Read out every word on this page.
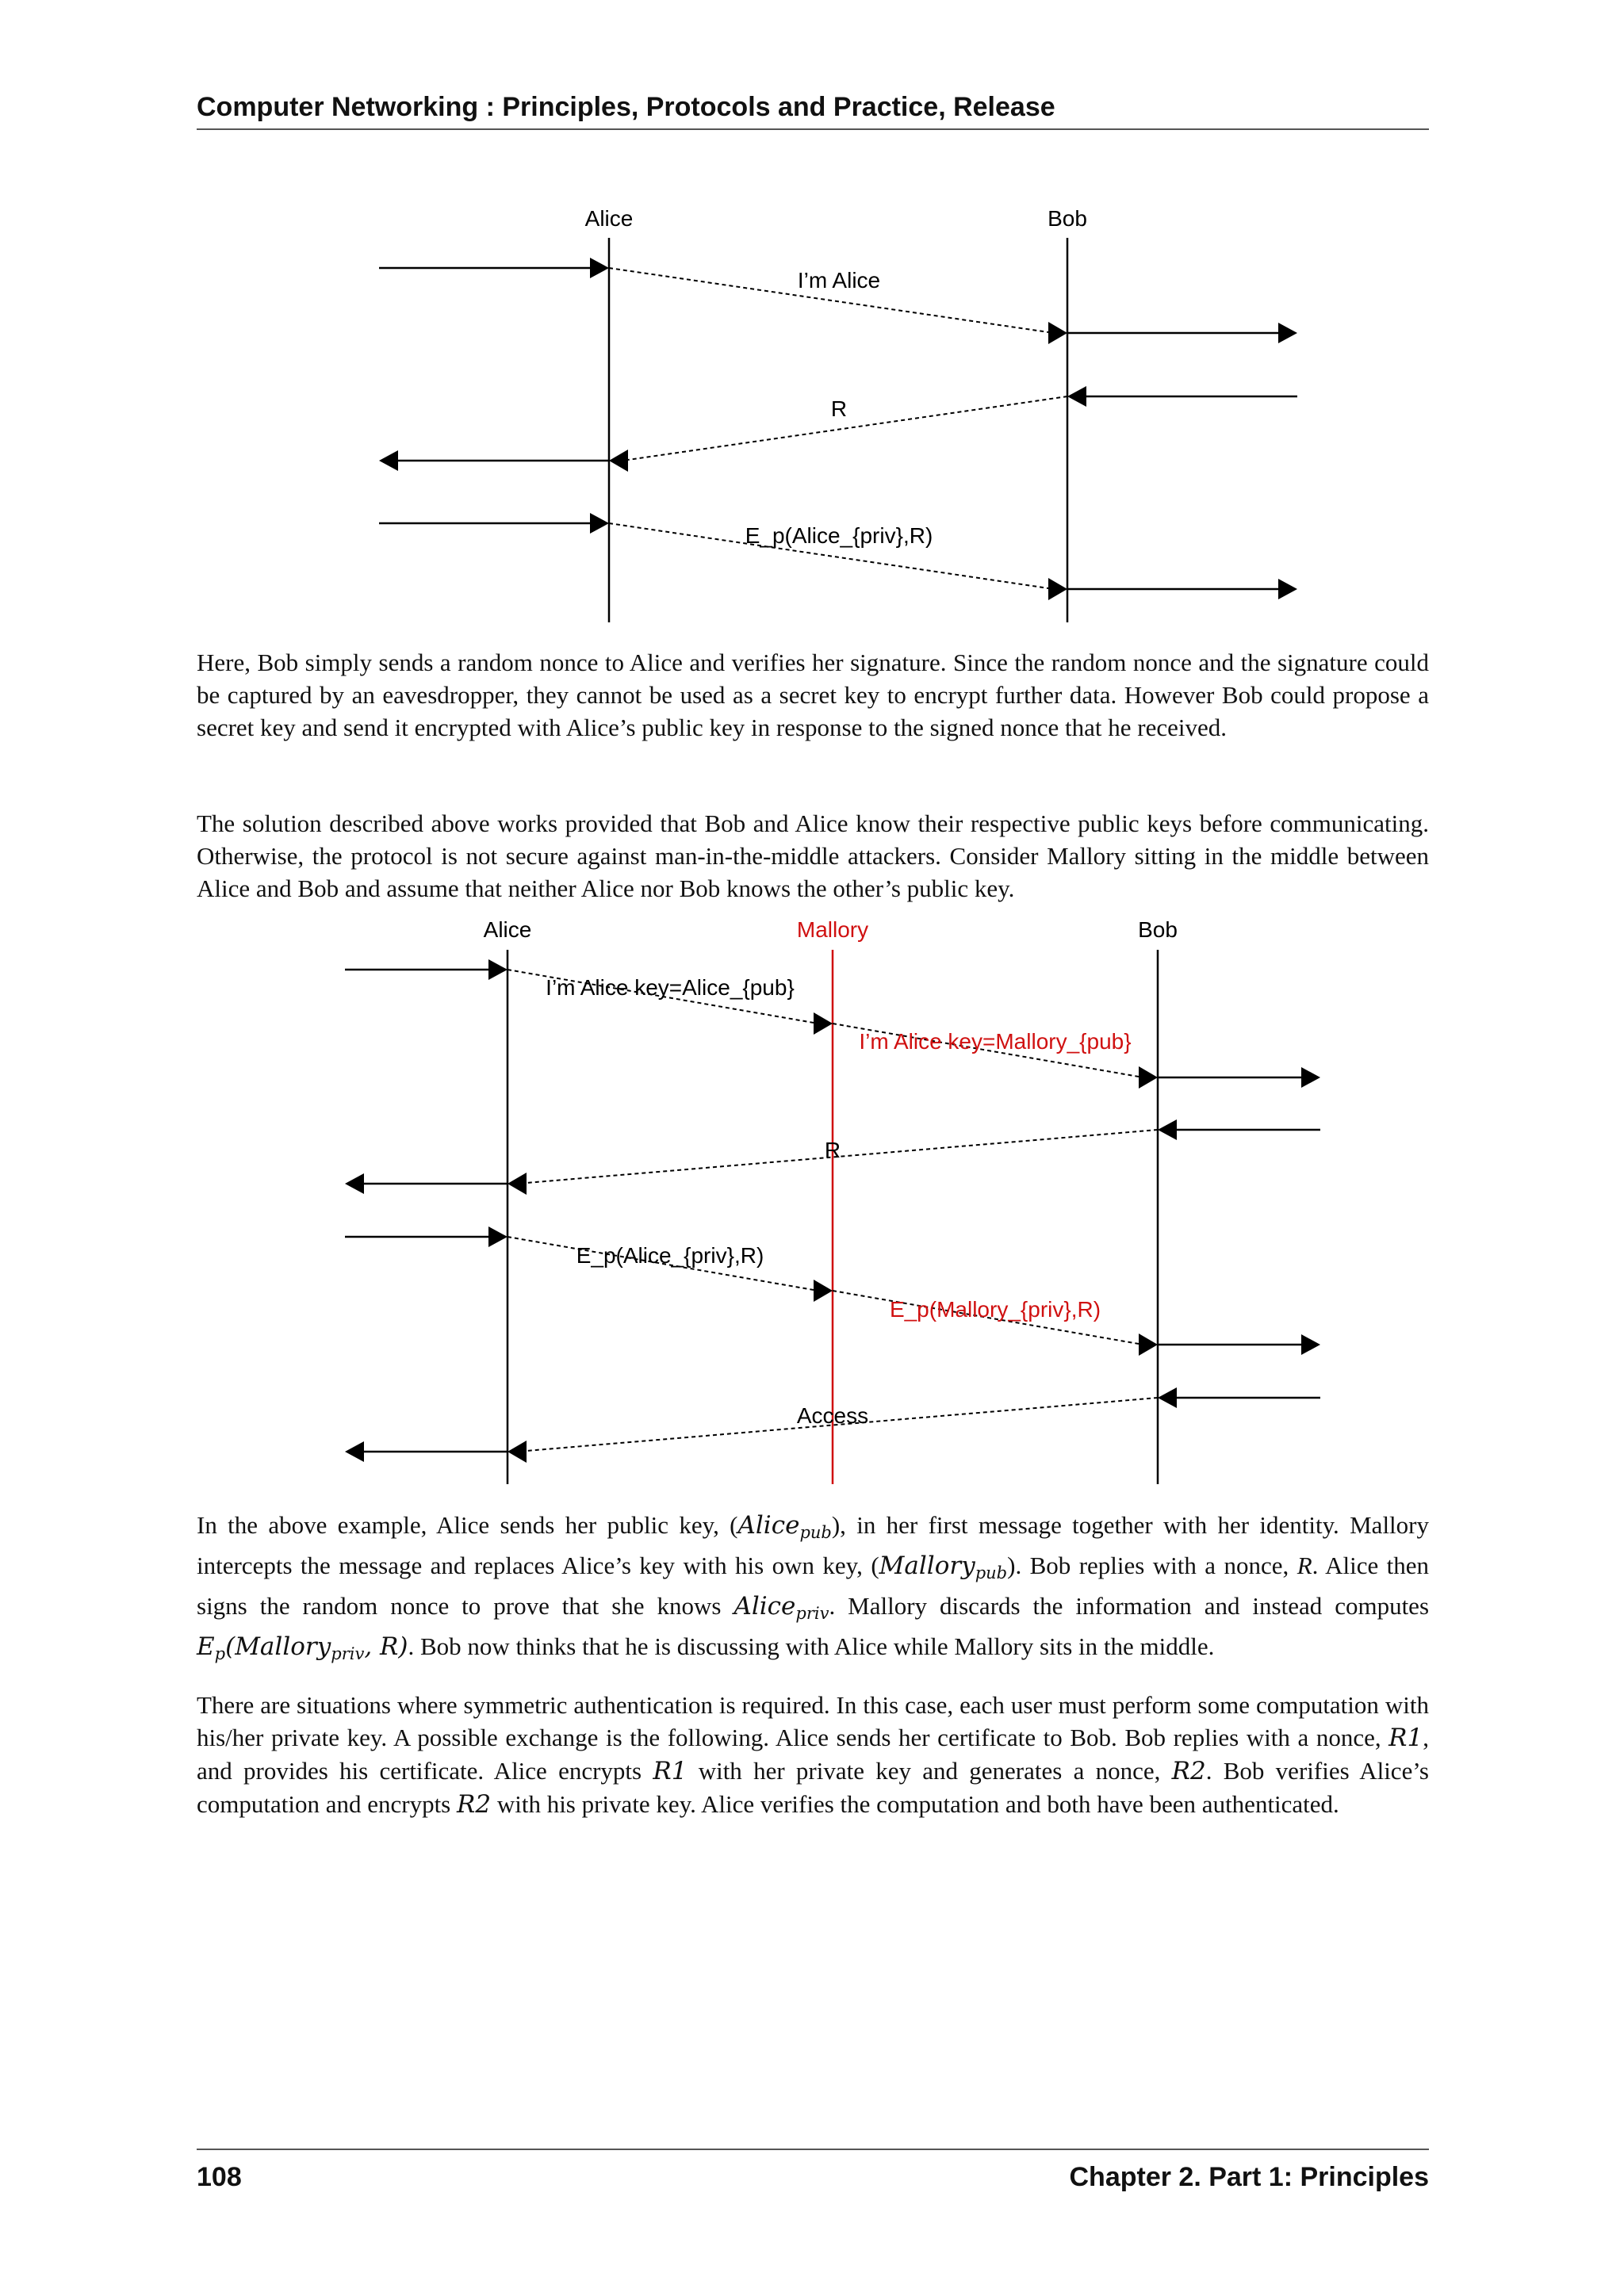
Computer Networking : Principles, Protocols and Practice, Release
Alice	Bob
I’m Alice
R
E_p(Alice_{priv},R)

Here, Bob simply sends a random nonce to Alice and verifies her signature. Since the random nonce and the signature could be captured by an eavesdropper, they cannot be used as a secret key to encrypt further data. However Bob could propose a secret key and send it encrypted with Alice’s public key in response to the signed nonce that he received.

The solution described above works provided that Bob and Alice know their respective public keys before communicating. Otherwise, the protocol is not secure against man-in-the-middle attackers. Consider Mallory sitting in the middle between Alice and Bob and assume that neither Alice nor Bob knows the other’s public key.

Alice	Mallory	Bob
I’m Alice key=Alice_{pub}
I’m Alice key=Mallory_{pub}
R
E_p(Alice_{priv},R)
E_p(Mallory_{priv},R)
Access

In the above example, Alice sends her public key, (Alice$_{pub}$), in her first message together with her identity. Mallory intercepts the message and replaces Alice’s key with his own key, (Mallory$_{pub}$). Bob replies with a nonce, R. Alice then signs the random nonce to prove that she knows Alice$_{priv}$. Mallory discards the information and instead computes $E_p(Mallory_{priv}$, R). Bob now thinks that he is discussing with Alice while Mallory sits in the middle.

There are situations where symmetric authentication is required. In this case, each user must perform some computation with his/her private key. A possible exchange is the following. Alice sends her certificate to Bob. Bob replies with a nonce, R1, and provides his certificate. Alice encrypts R1 with her private key and generates a nonce, R2. Bob verifies Alice’s computation and encrypts R2 with his private key. Alice verifies the computation and both have been authenticated.

108	Chapter 2. Part 1: Principles
